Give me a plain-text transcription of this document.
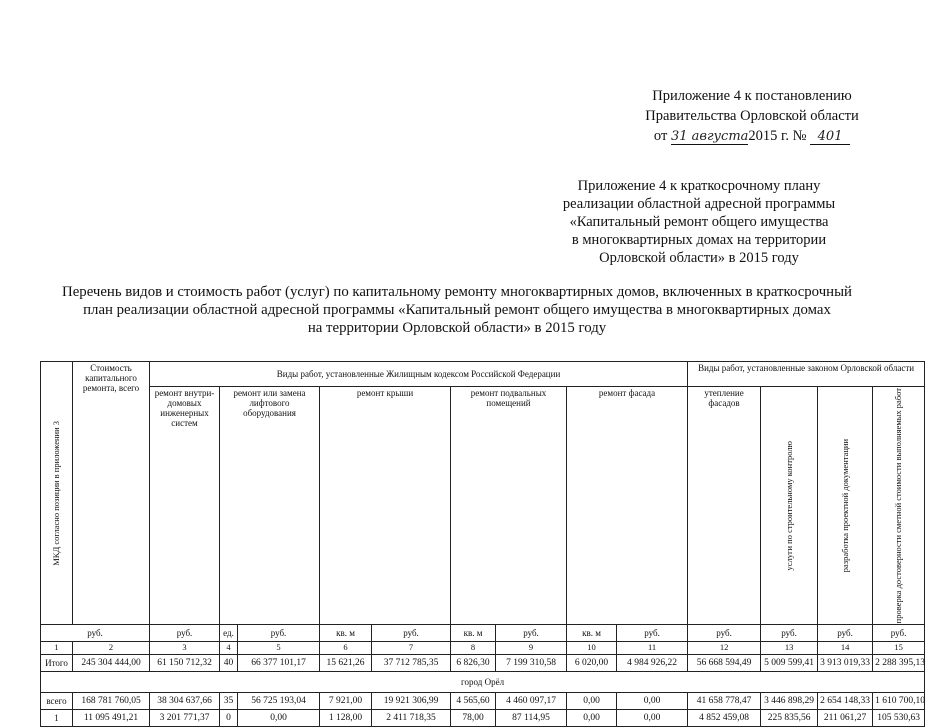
Приложение 4 к постановлению
Правительства Орловской области
от 31 августа2015 г. № 401
Приложение 4 к краткосрочному плану
реализации областной адресной программы
«Капитальный ремонт общего имущества
в многоквартирных домах на территории
Орловской области» в 2015 году
Перечень видов и стоимость работ (услуг) по капитальному ремонту многоквартирных домов, включенных в краткосрочный
план реализации областной адресной программы «Капитальный ремонт общего имущества в многоквартирных домах
на территории Орловской области» в 2015 году
МКД согласно позиции в приложении 3	Стоимость капитального ремонта, всего	Виды работ, установленные Жилищным кодексом Российской Федерации									Виды работ, установленные законом Орловской области			
		ремонт внутри-домовых инженерных систем	ремонт или замена лифтового оборудования		ремонт крыши		ремонт подвальных помещений		ремонт фасада		утепление фасадов	услуги по строительному контролю	разработка проектной документации	проверка достоверности сметной стоимости выполняемых работ

руб.		руб.	ед.	руб.	кв. м	руб.	кв. м	руб.	кв. м	руб.	руб.	руб.	руб.	руб.
1	2	3	4	5	6	7	8	9	10	11	12	13	14	15
Итого	245 304 444,00	61 150 712,32	40	66 377 101,17	15 621,26	37 712 785,35	6 826,30	7 199 310,58	6 020,00	4 984 926,22	56 668 594,49	5 009 599,41	3 913 019,33	2 288 395,13
город Орёл														
всего	168 781 760,05	38 304 637,66	35	56 725 193,04	7 921,00	19 921 306,99	4 565,60	4 460 097,17	0,00	0,00	41 658 778,47	3 446 898,29	2 654 148,33	1 610 700,10
1	11 095 491,21	3 201 771,37	0	0,00	1 128,00	2 411 718,35	78,00	87 114,95	0,00	0,00	4 852 459,08	225 835,56	211 061,27	105 530,63
